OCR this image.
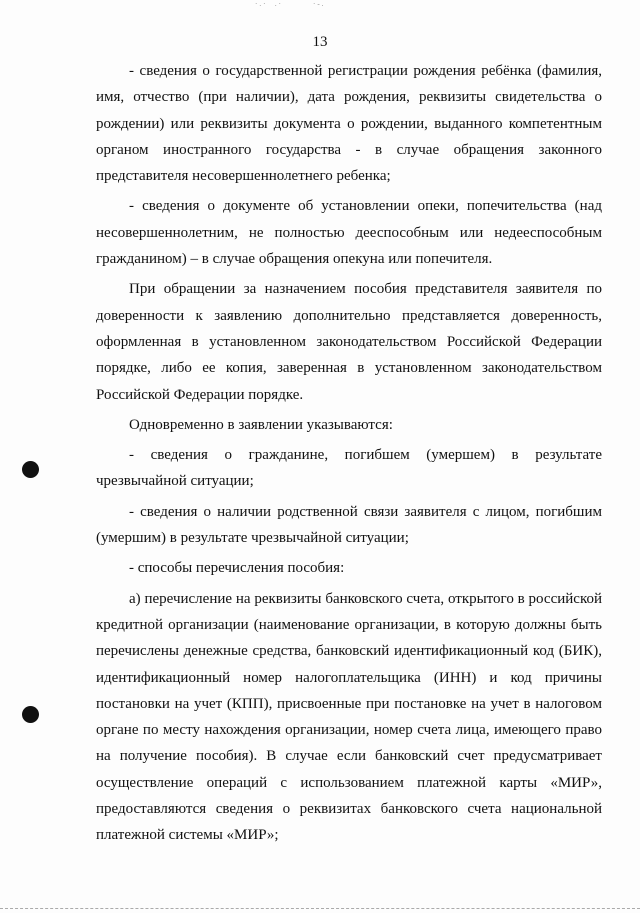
·.·  .·        ·-.
13

- сведения о государственной регистрации рождения ребёнка (фамилия, имя, отчество (при наличии), дата рождения, реквизиты свидетельства о рождении) или реквизиты документа о рождении, выданного компетентным органом иностранного государства - в случае обращения законного представителя несовершеннолетнего ребенка;

- сведения о документе об установлении опеки, попечительства (над несовершеннолетним, не полностью дееспособным или недееспособным гражданином) – в случае обращения опекуна или попечителя.

При обращении за назначением пособия представителя заявителя по доверенности к заявлению дополнительно представляется доверенность, оформленная в установленном законодательством Российской Федерации порядке, либо ее копия, заверенная в установленном законодательством Российской Федерации порядке.

Одновременно в заявлении указываются:

- сведения о гражданине, погибшем (умершем) в результате чрезвычайной ситуации;

- сведения о наличии родственной связи заявителя с лицом, погибшим (умершим) в результате чрезвычайной ситуации;

- способы перечисления пособия:

а) перечисление на реквизиты банковского счета, открытого в российской кредитной организации (наименование организации, в которую должны быть перечислены денежные средства, банковский идентификационный код (БИК), идентификационный номер налогоплательщика (ИНН) и код причины постановки на учет (КПП), присвоенные при постановке на учет в налоговом органе по месту нахождения организации, номер счета лица, имеющего право на получение пособия). В случае если банковский счет предусматривает осуществление операций с использованием платежной карты «МИР», предоставляются сведения о реквизитах банковского счета национальной платежной системы «МИР»;
